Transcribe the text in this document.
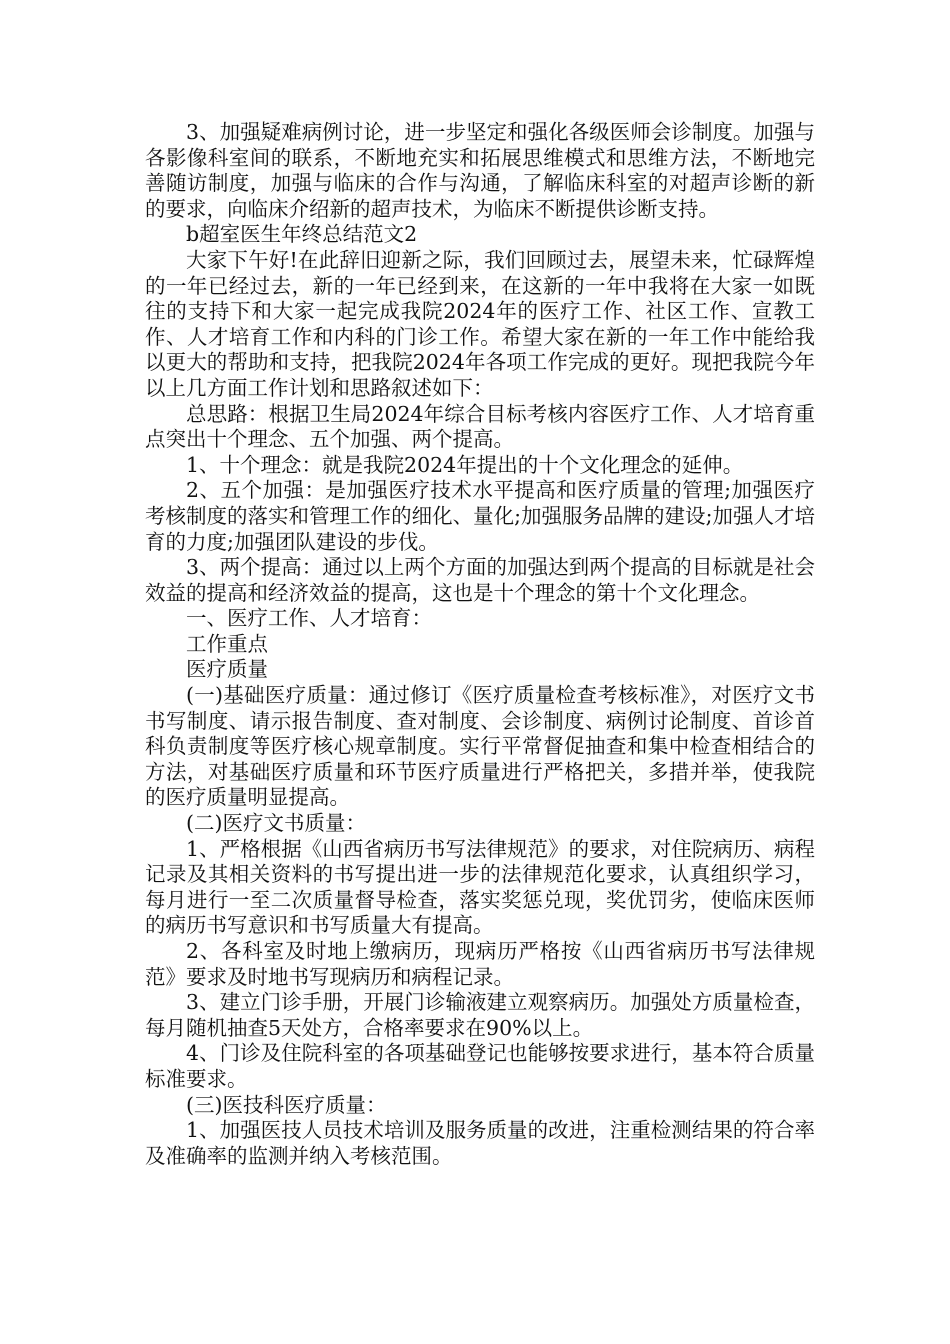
3、加强疑难病例讨论，进一步坚定和强化各级医师会诊制度。加强与各影像科室间的联系，不断地充实和拓展思维模式和思维方法，不断地完善随访制度，加强与临床的合作与沟通，了解临床科室的对超声诊断的新的要求，向临床介绍新的超声技术，为临床不断提供诊断支持。

b超室医生年终总结范文2

大家下午好!在此辞旧迎新之际，我们回顾过去，展望未来，忙碌辉煌的一年已经过去，新的一年已经到来，在这新的一年中我将在大家一如既往的支持下和大家一起完成我院2024年的医疗工作、社区工作、宣教工作、人才培育工作和内科的门诊工作。希望大家在新的一年工作中能给我以更大的帮助和支持，把我院2024年各项工作完成的更好。现把我院今年以上几方面工作计划和思路叙述如下：

总思路：根据卫生局2024年综合目标考核内容医疗工作、人才培育重点突出十个理念、五个加强、两个提高。

1、十个理念：就是我院2024年提出的十个文化理念的延伸。

2、五个加强：是加强医疗技术水平提高和医疗质量的管理;加强医疗考核制度的落实和管理工作的细化、量化;加强服务品牌的建设;加强人才培育的力度;加强团队建设的步伐。

3、两个提高：通过以上两个方面的加强达到两个提高的目标就是社会效益的提高和经济效益的提高，这也是十个理念的第十个文化理念。

一、医疗工作、人才培育：

工作重点

医疗质量

(一)基础医疗质量：通过修订《医疗质量检查考核标准》，对医疗文书书写制度、请示报告制度、查对制度、会诊制度、病例讨论制度、首诊首科负责制度等医疗核心规章制度。实行平常督促抽查和集中检查相结合的方法，对基础医疗质量和环节医疗质量进行严格把关，多措并举，使我院的医疗质量明显提高。

(二)医疗文书质量：

1、严格根据《山西省病历书写法律规范》的要求，对住院病历、病程记录及其相关资料的书写提出进一步的法律规范化要求，认真组织学习，每月进行一至二次质量督导检查，落实奖惩兑现，奖优罚劣，使临床医师的病历书写意识和书写质量大有提高。

2、各科室及时地上缴病历，现病历严格按《山西省病历书写法律规范》要求及时地书写现病历和病程记录。

3、建立门诊手册，开展门诊输液建立观察病历。加强处方质量检查，每月随机抽查5天处方，合格率要求在90%以上。

4、门诊及住院科室的各项基础登记也能够按要求进行，基本符合质量标准要求。

(三)医技科医疗质量：

1、加强医技人员技术培训及服务质量的改进，注重检测结果的符合率及准确率的监测并纳入考核范围。
